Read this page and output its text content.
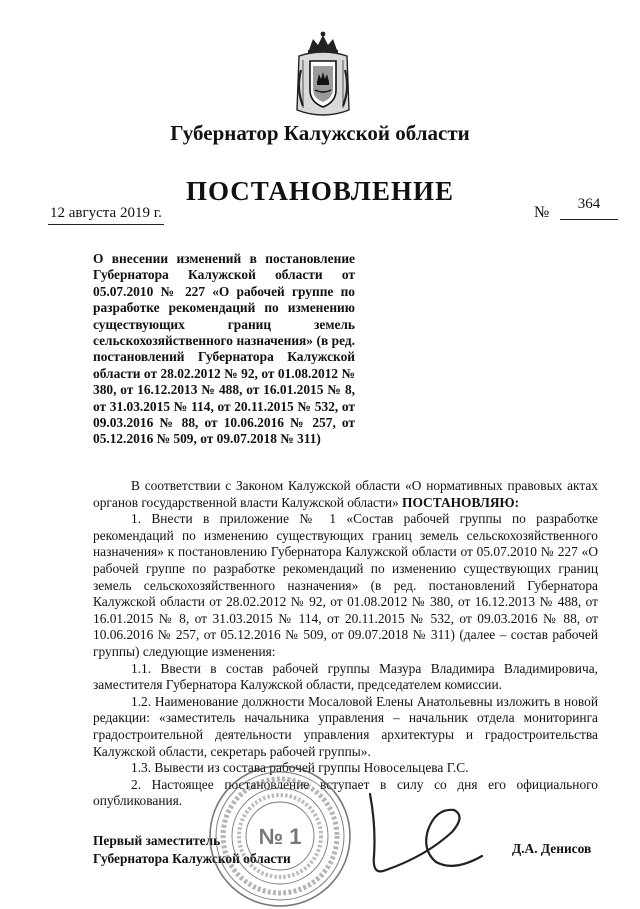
Губернатор Калужской области
ПОСТАНОВЛЕНИЕ
12 августа 2019 г.	№	364
О внесении изменений в постановление Губернатора Калужской области от 05.07.2010 № 227 «О рабочей группе по разработке рекомендаций по изменению существующих границ земель сельскохозяйственного назначения» (в ред. постановлений Губернатора Калужской области от 28.02.2012 № 92, от 01.08.2012 № 380, от 16.12.2013 № 488, от 16.01.2015 № 8, от 31.03.2015 № 114, от 20.11.2015 № 532, от 09.03.2016 № 88, от 10.06.2016 № 257, от 05.12.2016 № 509, от 09.07.2018 № 311)

В соответствии с Законом Калужской области «О нормативных правовых актах органов государственной власти Калужской области» ПОСТАНОВЛЯЮ:

1. Внести в приложение № 1 «Состав рабочей группы по разработке рекомендаций по изменению существующих границ земель сельскохозяйственного назначения» к постановлению Губернатора Калужской области от 05.07.2010 № 227 «О рабочей группе по разработке рекомендаций по изменению существующих границ земель сельскохозяйственного назначения» (в ред. постановлений Губернатора Калужской области от 28.02.2012 № 92, от 01.08.2012 № 380, от 16.12.2013 № 488, от 16.01.2015 № 8, от 31.03.2015 № 114, от 20.11.2015 № 532, от 09.03.2016 № 88, от 10.06.2016 № 257, от 05.12.2016 № 509, от 09.07.2018 № 311) (далее – состав рабочей группы) следующие изменения:

1.1. Ввести в состав рабочей группы Мазура Владимира Владимировича, заместителя Губернатора Калужской области, председателем комиссии.

1.2. Наименование должности Мосаловой Елены Анатольевны изложить в новой редакции: «заместитель начальника управления – начальник отдела мониторинга градостроительной деятельности управления архитектуры и градостроительства Калужской области, секретарь рабочей группы».

1.3. Вывести из состава рабочей группы Новосельцева Г.С.

2. Настоящее постановление вступает в силу со дня его официального опубликования.

Первый заместитель
Губернатора Калужской области
Д.А. Денисов
№ 1
